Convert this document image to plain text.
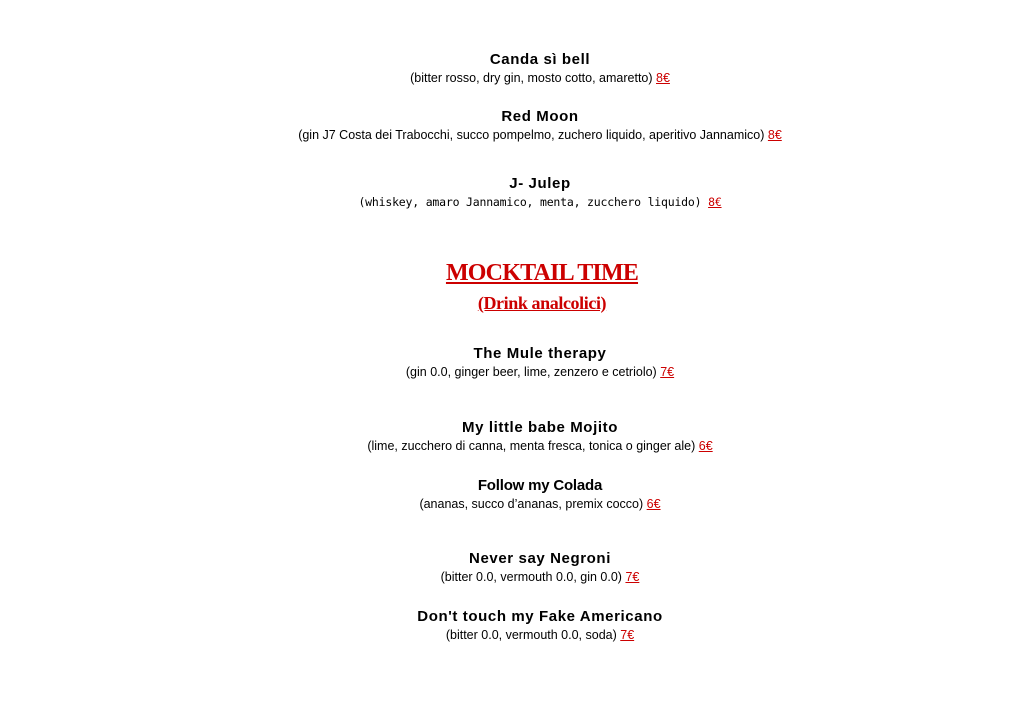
Canda sì bell
(bitter rosso, dry gin, mosto cotto, amaretto) 8€
Red Moon
(gin J7 Costa dei Trabocchi, succo pompelmo, zuchero liquido, aperitivo Jannamico) 8€
J- Julep
(whiskey, amaro Jannamico, menta, zucchero liquido) 8€
MOCKTAIL TIME
(Drink analcolici)
The Mule therapy
(gin 0.0, ginger beer, lime, zenzero e cetriolo) 7€
My little babe Mojito
(lime, zucchero di canna, menta fresca, tonica o ginger ale) 6€
Follow my Colada
(ananas, succo d’ananas, premix cocco) 6€
Never say Negroni
(bitter 0.0, vermouth 0.0, gin 0.0) 7€
Don't touch my Fake Americano
(bitter 0.0, vermouth 0.0, soda) 7€
